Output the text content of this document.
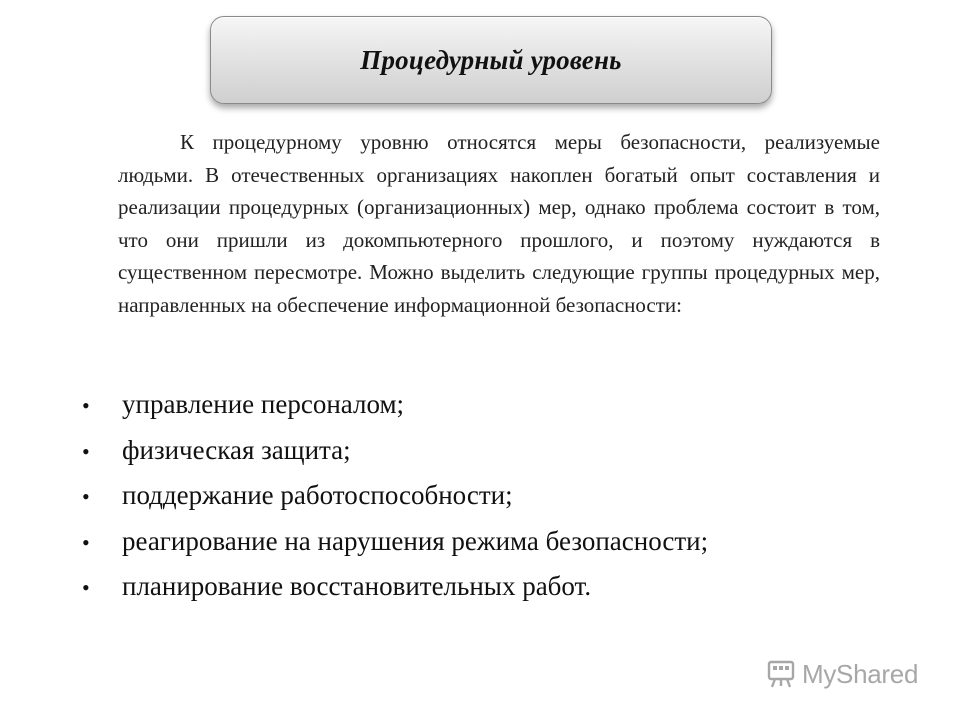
Процедурный уровень

К процедурному уровню относятся меры безопасности, реализуемые людьми. В отечественных организациях накоплен богатый опыт составления и реализации процедурных (организационных) мер, однако проблема состоит в том, что они пришли из докомпьютерного прошлого, и поэтому нуждаются в существенном пересмотре. Можно выделить следующие группы процедурных мер, направленных на обеспечение информационной безопасности:

•	управление персоналом;
•	физическая защита;
•	поддержание работоспособности;
•	реагирование на нарушения режима безопасности;
•	планирование восстановительных работ.
MyShared
